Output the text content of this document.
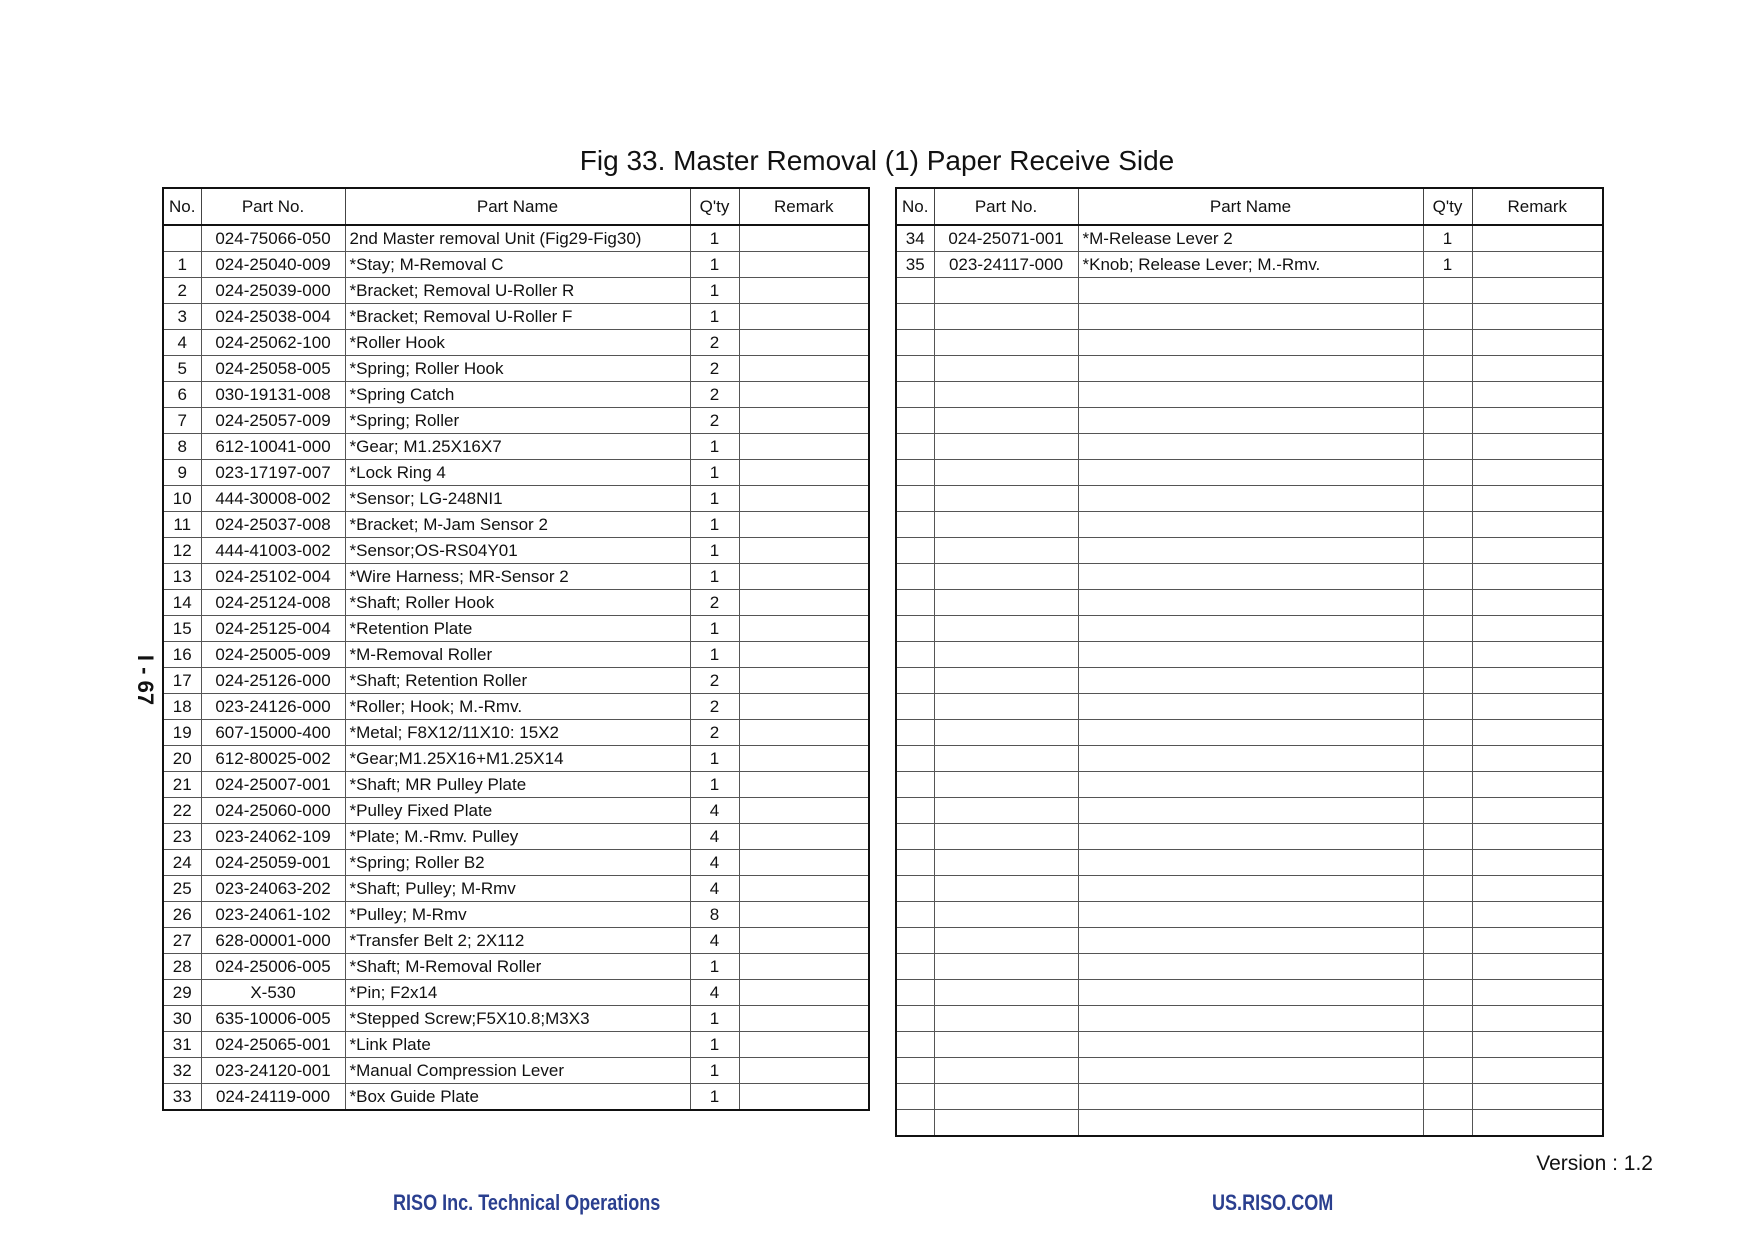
Fig 33. Master Removal (1) Paper Receive Side
I - 67
No.	Part No.	Part Name	Q'ty	Remark
	024-75066-050	2nd Master removal Unit (Fig29-Fig30)	1	
1	024-25040-009	*Stay; M-Removal C	1	
2	024-25039-000	*Bracket; Removal U-Roller R	1	
3	024-25038-004	*Bracket; Removal U-Roller F	1	
4	024-25062-100	*Roller Hook	2	
5	024-25058-005	*Spring; Roller Hook	2	
6	030-19131-008	*Spring Catch	2	
7	024-25057-009	*Spring; Roller	2	
8	612-10041-000	*Gear; M1.25X16X7	1	
9	023-17197-007	*Lock Ring 4	1	
10	444-30008-002	*Sensor; LG-248NI1	1	
11	024-25037-008	*Bracket; M-Jam Sensor 2	1	
12	444-41003-002	*Sensor;OS-RS04Y01	1	
13	024-25102-004	*Wire Harness; MR-Sensor 2	1	
14	024-25124-008	*Shaft; Roller Hook	2	
15	024-25125-004	*Retention Plate	1	
16	024-25005-009	*M-Removal Roller	1	
17	024-25126-000	*Shaft; Retention Roller	2	
18	023-24126-000	*Roller; Hook; M.-Rmv.	2	
19	607-15000-400	*Metal; F8X12/11X10: 15X2	2	
20	612-80025-002	*Gear;M1.25X16+M1.25X14	1	
21	024-25007-001	*Shaft; MR Pulley Plate	1	
22	024-25060-000	*Pulley Fixed Plate	4	
23	023-24062-109	*Plate; M.-Rmv. Pulley	4	
24	024-25059-001	*Spring; Roller B2	4	
25	023-24063-202	*Shaft; Pulley; M-Rmv	4	
26	023-24061-102	*Pulley; M-Rmv	8	
27	628-00001-000	*Transfer Belt 2; 2X112	4	
28	024-25006-005	*Shaft; M-Removal Roller	1	
29	X-530	*Pin; F2x14	4	
30	635-10006-005	*Stepped Screw;F5X10.8;M3X3	1	
31	024-25065-001	*Link Plate	1	
32	023-24120-001	*Manual Compression Lever	1	
33	024-24119-000	*Box Guide Plate	1	
No.	Part No.	Part Name	Q'ty	Remark
34	024-25071-001	*M-Release Lever 2	1	
35	023-24117-000	*Knob; Release Lever; M.-Rmv.	1	

Version : 1.2
RISO Inc. Technical Operations	US.RISO.COM
